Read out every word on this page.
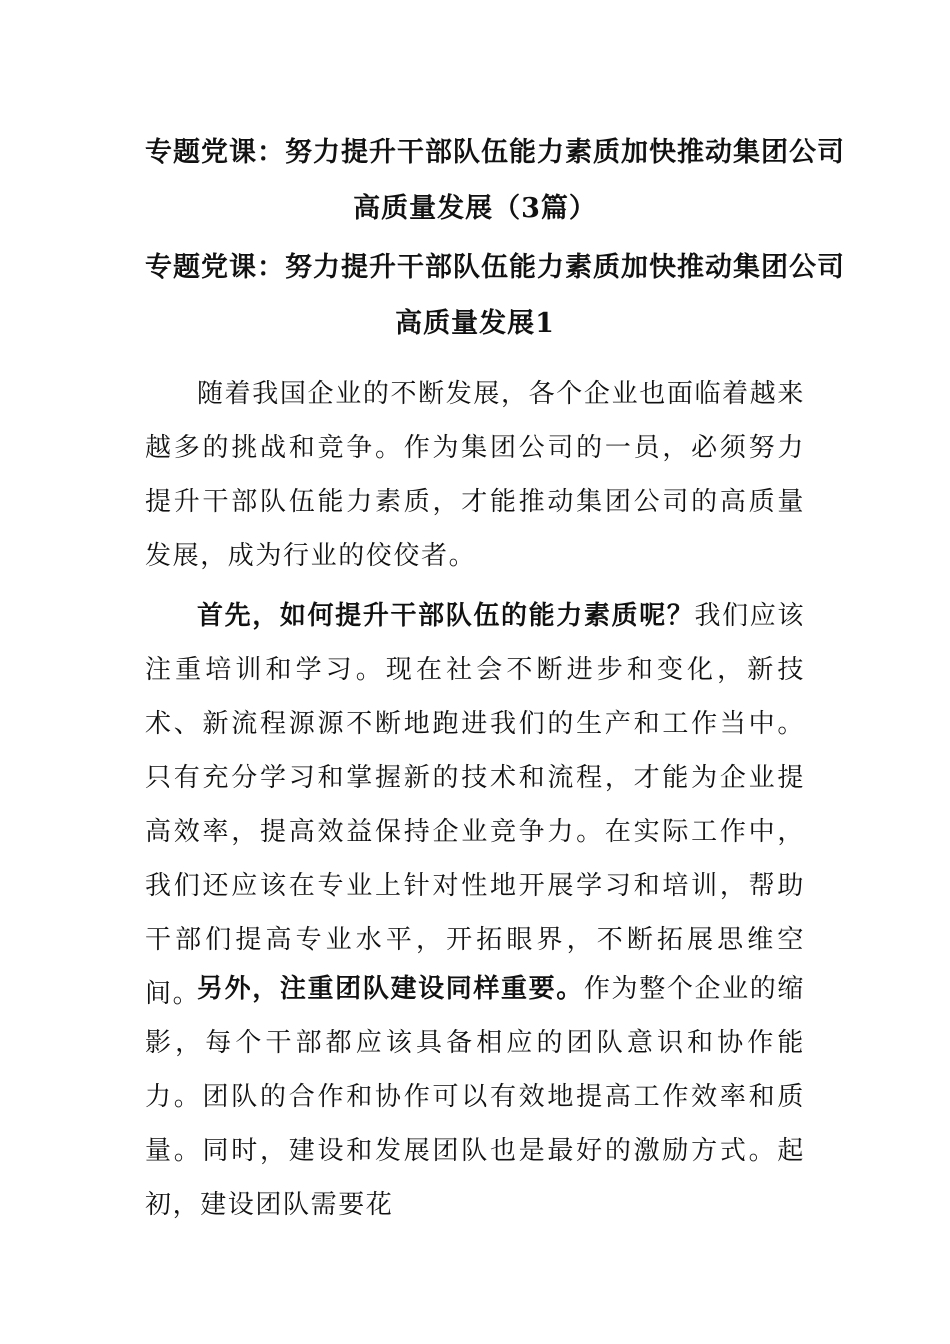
专题党课：努力提升干部队伍能力素质加快推动集团公司
高质量发展（3篇）
专题党课：努力提升干部队伍能力素质加快推动集团公司
高质量发展1

随着我国企业的不断发展，各个企业也面临着越来越多的挑战和竞争。作为集团公司的一员，必须努力提升干部队伍能力素质，才能推动集团公司的高质量发展，成为行业的佼佼者。

首先，如何提升干部队伍的能力素质呢？我们应该注重培训和学习。现在社会不断进步和变化，新技术、新流程源源不断地跑进我们的生产和工作当中。只有充分学习和掌握新的技术和流程，才能为企业提高效率，提高效益保持企业竞争力。在实际工作中，我们还应该在专业上针对性地开展学习和培训，帮助干部们提高专业水平，开拓眼界，不断拓展思维空间。

另外，注重团队建设同样重要。作为整个企业的缩影，每个干部都应该具备相应的团队意识和协作能力。团队的合作和协作可以有效地提高工作效率和质量。同时，建设和发展团队也是最好的激励方式。起初，建设团队需要花
